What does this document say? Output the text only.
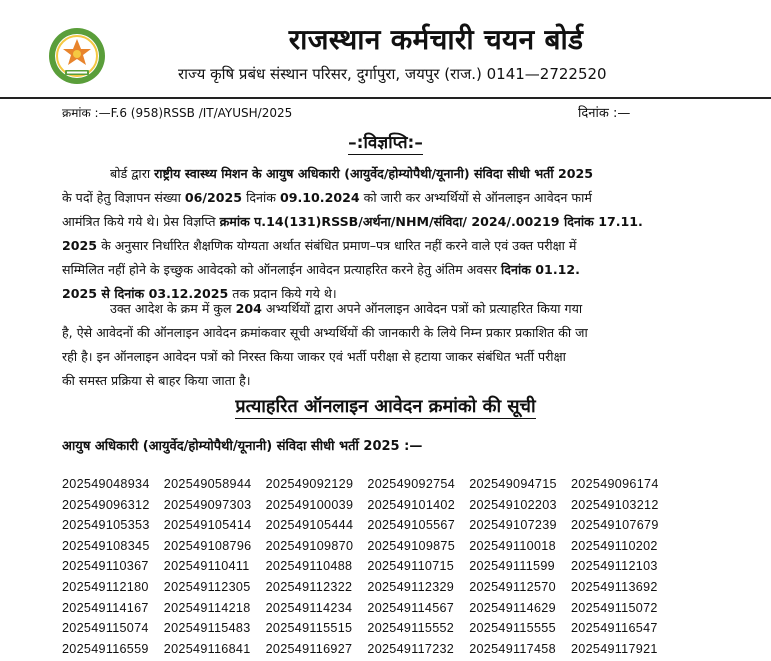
राजस्थान कर्मचारी चयन बोर्ड
राज्य कृषि प्रबंध संस्थान परिसर, दुर्गापुरा, जयपुर (राज.) 0141—2722520
क्रमांक :—F.6 (958)RSSB /IT/AYUSH/2025	दिनांक :—
–:विज्ञप्ति:–
बोर्ड द्वारा राष्ट्रीय स्वास्थ्य मिशन के आयुष अधिकारी (आयुर्वेद/होम्योपैथी/यूनानी) संविदा सीधी भर्ती 2025
के पदों हेतु विज्ञापन संख्या 06/2025 दिनांक 09.10.2024 को जारी कर अभ्यर्थियों से ऑनलाइन आवेदन फार्म
आमंत्रित किये गये थे। प्रेस विज्ञप्ति क्रमांक प.14(131)RSSB/अर्थना/NHM/संविदा/ 2024/.00219 दिनांक 17.11.
2025 के अनुसार निर्धारित शैक्षणिक योग्यता अर्थात संबंधित प्रमाण–पत्र धारित नहीं करने वाले एवं उक्त परीक्षा में
सम्मिलित नहीं होने के इच्छुक आवेदको को ऑनलाईन आवेदन प्रत्याहरित करने हेतु अंतिम अवसर दिनांक 01.12.
2025 से दिनांक 03.12.2025 तक प्रदान किये गये थे।
उक्त आदेश के क्रम में कुल 204 अभ्यर्थियों द्वारा अपने ऑनलाइन आवेदन पत्रों को प्रत्याहरित किया गया
है, ऐसे आवेदनों की ऑनलाइन आवेदन क्रमांकवार सूची अभ्यर्थियों की जानकारी के लिये निम्न प्रकार प्रकाशित की जा
रही है। इन ऑनलाइन आवेदन पत्रों को निरस्त किया जाकर एवं भर्ती परीक्षा से हटाया जाकर संबंधित भर्ती परीक्षा
की समस्त प्रक्रिया से बाहर किया जाता है।
प्रत्याहरित ऑनलाइन आवेदन क्रमांको की सूची
आयुष अधिकारी (आयुर्वेद/होम्योपैथी/यूनानी) संविदा सीधी भर्ती 2025 :—
202549048934 202549058944 202549092129 202549092754 202549094715 202549096174
202549096312 202549097303 202549100039 202549101402 202549102203 202549103212
202549105353 202549105414 202549105444 202549105567 202549107239 202549107679
202549108345 202549108796 202549109870 202549109875 202549110018 202549110202
202549110367 202549110411 202549110488 202549110715 202549111599 202549112103
202549112180 202549112305 202549112322 202549112329 202549112570 202549113692
202549114167 202549114218 202549114234 202549114567 202549114629 202549115072
202549115074 202549115483 202549115515 202549115552 202549115555 202549116547
202549116559 202549116841 202549116927 202549117232 202549117458 202549117921
